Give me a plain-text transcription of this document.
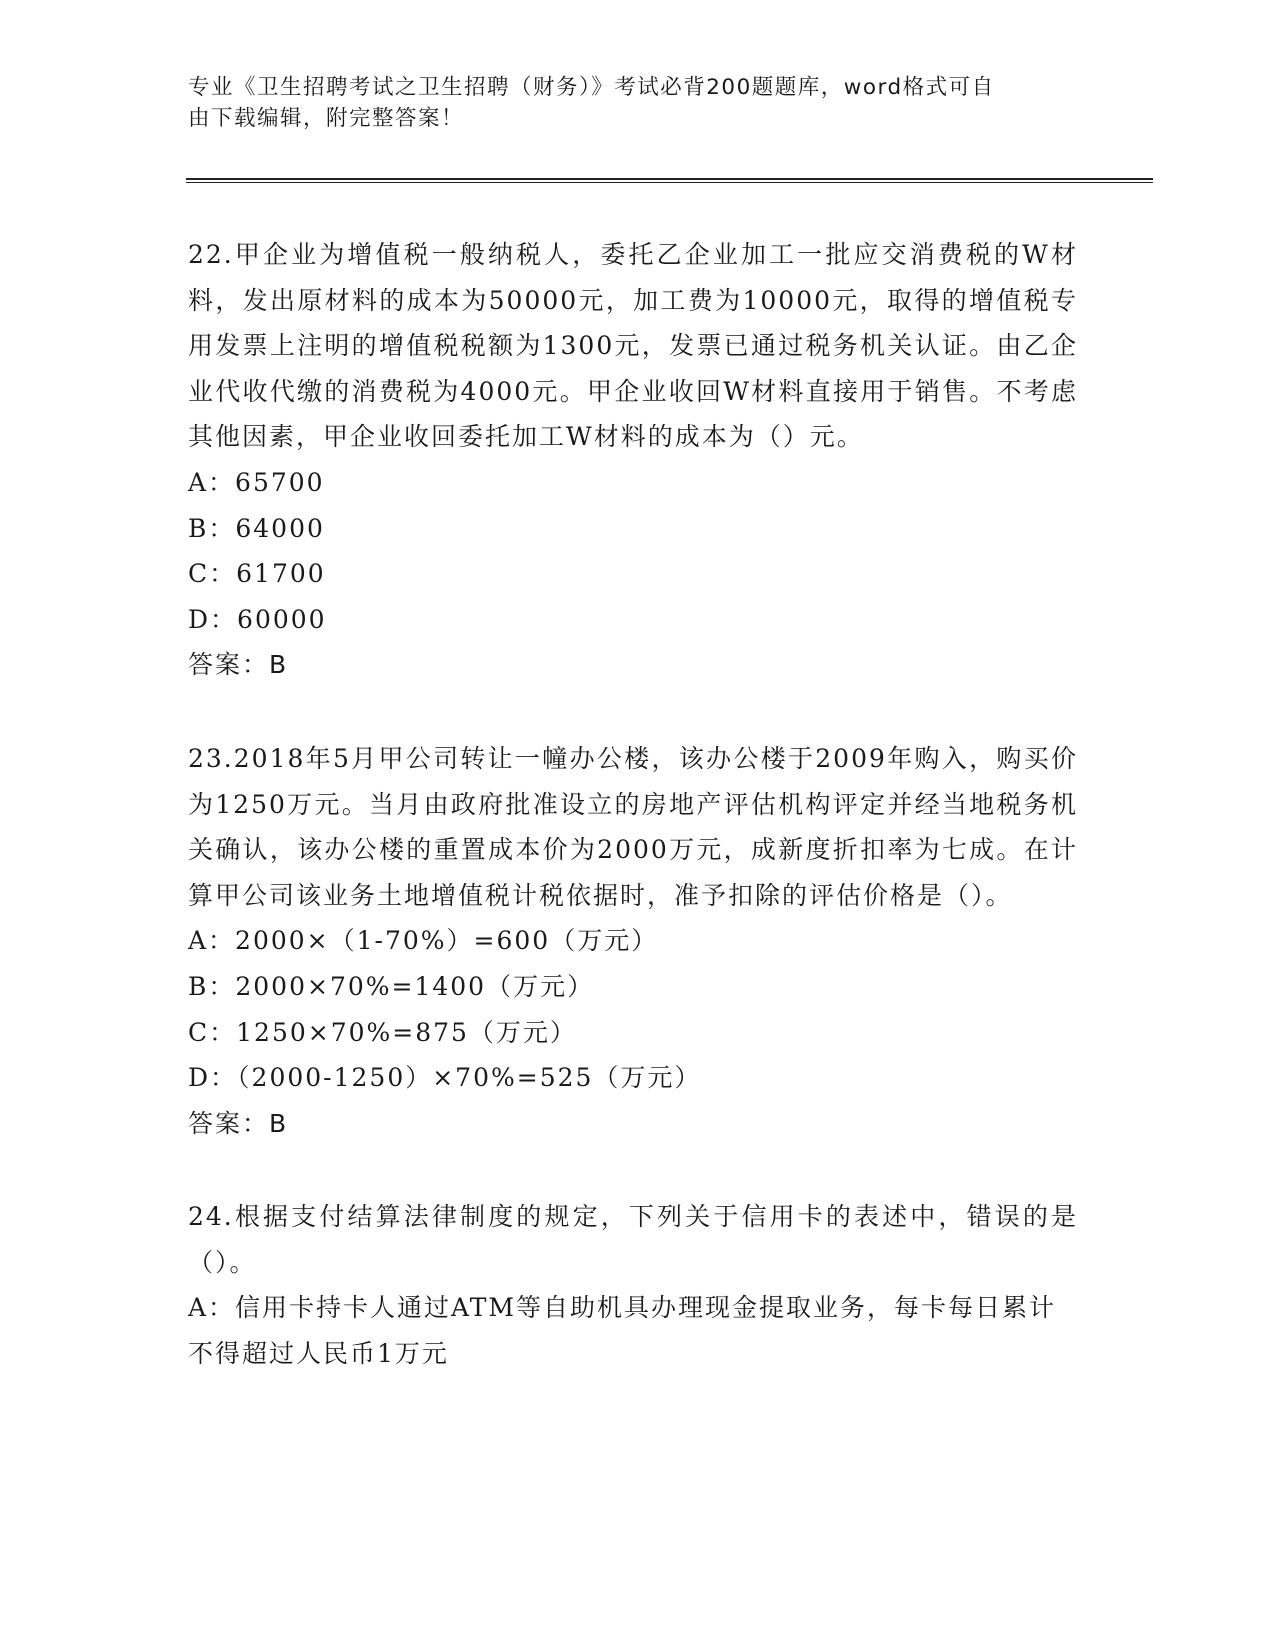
专业《卫生招聘考试之卫生招聘（财务）》考试必背200题题库，word格式可自
由下载编辑，附完整答案！

22.甲企业为增值税一般纳税人，委托乙企业加工一批应交消费税的W材料，发出原材料的成本为50000元，加工费为10000元，取得的增值税专用发票上注明的增值税税额为1300元，发票已通过税务机关认证。由乙企业代收代缴的消费税为4000元。甲企业收回W材料直接用于销售。不考虑其他因素，甲企业收回委托加工W材料的成本为（）元。

A：65700

B：64000

C：61700

D：60000

答案：B

23.2018年5月甲公司转让一幢办公楼，该办公楼于2009年购入，购买价为1250万元。当月由政府批准设立的房地产评估机构评定并经当地税务机关确认，该办公楼的重置成本价为2000万元，成新度折扣率为七成。在计算甲公司该业务土地增值税计税依据时，准予扣除的评估价格是（）。

A：2000×（1-70%）=600（万元）

B：2000×70%=1400（万元）

C：1250×70%=875（万元）

D：（2000-1250）×70%=525（万元）

答案：B

24.根据支付结算法律制度的规定，下列关于信用卡的表述中，错误的是（）。

A：信用卡持卡人通过ATM等自助机具办理现金提取业务，每卡每日累计不得超过人民币1万元
